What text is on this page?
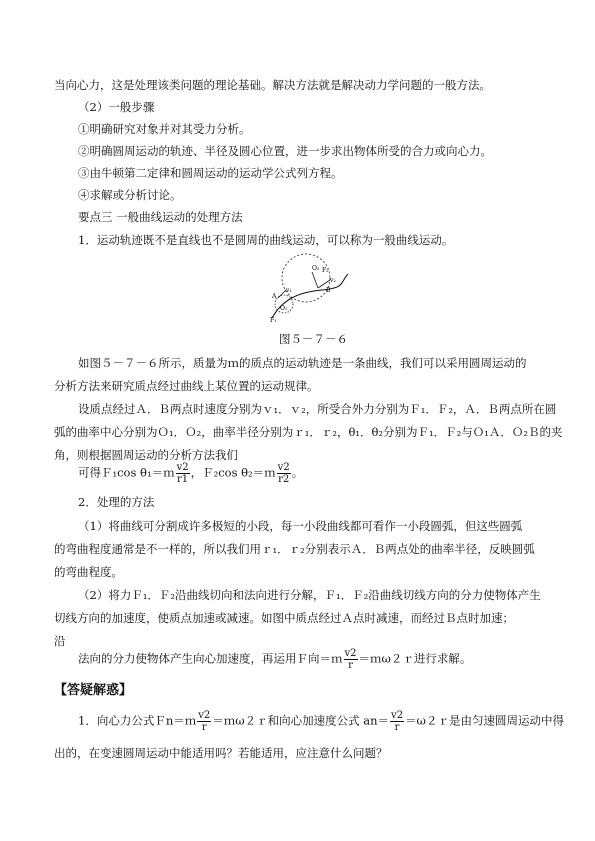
当向心力，这是处理该类问题的理论基础。解决方法就是解决动力学问题的一般方法。
（2）一般步骤
①明确研究对象并对其受力分析。
②明确圆周运动的轨迹、半径及圆心位置，进一步求出物体所受的合力或向心力。
③由牛顿第二定律和圆周运动的运动学公式列方程。
④求解或分析讨论。
要点三 一般曲线运动的处理方法
1．运动轨迹既不是直线也不是圆周的曲线运动，可以称为一般曲线运动。
O₂ F₂
B
v₂
A
O₁
F₁
v₁
图５－７－６
如图５－７－６所示，质量为ｍ的质点的运动轨迹是一条曲线，我们可以采用圆周运动的
分析方法来研究质点经过曲线上某位置的运动规律。
设质点经过Ａ．Ｂ两点时速度分别为ｖ₁．ｖ₂，所受合外力分别为Ｆ₁．Ｆ₂，Ａ．Ｂ两点所在圆
弧的曲率中心分别为Ｏ₁．Ｏ₂，曲率半径分别为ｒ₁．ｒ₂，θ₁．θ₂分别为Ｆ₁．Ｆ₂与Ｏ₁Ａ．Ｏ₂Ｂ的夹
角，则根据圆周运动的分析方法我们
可得Ｆ₁cos θ₁＝ｍ $\frac{v2}{r1}$ ，Ｆ₂cos θ₂＝ｍ $\frac{v2}{r2}$ 。
2．处理的方法
（1）将曲线可分割成许多极短的小段，每一小段曲线都可看作一小段圆弧，但这些圆弧
的弯曲程度通常是不一样的，所以我们用ｒ₁．ｒ₂分别表示Ａ．Ｂ两点处的曲率半径，反映圆弧
的弯曲程度。
（2）将力Ｆ₁．Ｆ₂沿曲线切向和法向进行分解，Ｆ₁．Ｆ₂沿曲线切线方向的分力使物体产生
切线方向的加速度，使质点加速或减速。如图中质点经过Ａ点时减速，而经过Ｂ点时加速；
沿
法向的分力使物体产生向心加速度，再运用Ｆ向＝ｍ $\frac{v2}{r}$ ＝ｍω２ｒ进行求解。
【答疑解惑】
1．向心力公式Ｆn＝ｍ $\frac{v2}{r}$ ＝ｍω２ｒ和向心加速度公式 $an= \frac{v2}{r}$ ＝ω２ｒ是由匀速圆周运动中得
出的，在变速圆周运动中能适用吗？若能适用，应注意什么问题？
